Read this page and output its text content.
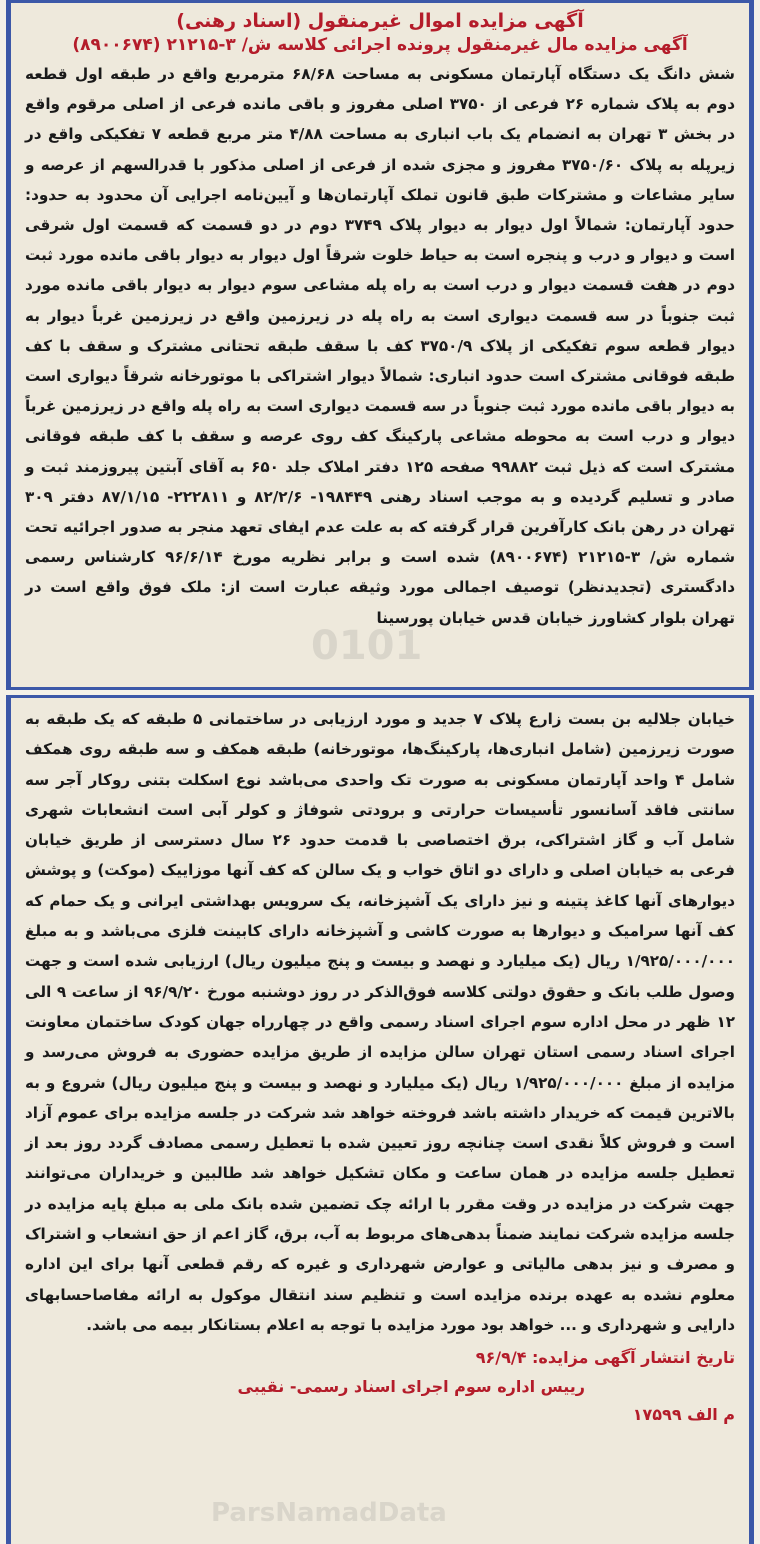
آگهی مزایده اموال غیرمنقول (اسناد رهنی)
آگهی مزایده مال غیرمنقول پرونده اجرائی کلاسه ش/ ۳-۲۱۲۱۵ (۸۹۰۰۶۷۴)

شش دانگ یک دستگاه آپارتمان مسکونی به مساحت ۶۸/۶۸ مترمربع واقع در طبقه اول قطعه دوم به پلاک شماره ۲۶ فرعی از ۳۷۵۰ اصلی مفروز و باقی مانده فرعی از اصلی مرقوم واقع در بخش ۳ تهران به انضمام یک باب انباری به مساحت ۴/۸۸ متر مربع قطعه ۷ تفکیکی واقع در زیرپله به پلاک ۳۷۵۰/۶۰ مفروز و مجزی شده از فرعی از اصلی مذکور با قدرالسهم از عرصه و سایر مشاعات و مشترکات طبق قانون تملک آپارتمان‌ها و آیین‌نامه اجرایی آن محدود به حدود: حدود آپارتمان: شمالاً اول دیوار به دیوار پلاک ۳۷۴۹ دوم در دو قسمت که قسمت اول شرقی است و دیوار و درب و پنجره است به حیاط خلوت شرقاً اول دیوار به دیوار باقی مانده مورد ثبت دوم در هفت قسمت دیوار و درب است به راه پله مشاعی سوم دیوار به دیوار باقی مانده مورد ثبت جنوباً در سه قسمت دیواری است به راه پله در زیرزمین واقع در زیرزمین غرباً دیوار به دیوار قطعه سوم تفکیکی از پلاک ۳۷۵۰/۹ کف با سقف طبقه تحتانی مشترک و سقف با کف طبقه فوقانی مشترک است حدود انباری: شمالاً دیوار اشتراکی با موتورخانه شرقاً دیواری است به دیوار باقی مانده مورد ثبت جنوباً در سه قسمت دیواری است به راه پله واقع در زیرزمین غرباً دیوار و درب است به محوطه مشاعی پارکینگ کف روی عرصه و سقف با کف طبقه فوقانی مشترک است که ذیل ثبت ۹۹۸۸۲ صفحه ۱۲۵ دفتر املاک جلد ۶۵۰ به آقای آبتین پیروزمند ثبت و صادر و تسلیم گردیده و به موجب اسناد رهنی ۱۹۸۴۴۹- ۸۲/۲/۶ و ۲۲۲۸۱۱- ۸۷/۱/۱۵ دفتر ۳۰۹ تهران در رهن بانک کارآفرین قرار گرفته که به علت عدم ایفای تعهد منجر به صدور اجرائیه تحت شماره ش/ ۳-۲۱۲۱۵ (۸۹۰۰۶۷۴) شده است و برابر نظریه مورخ ۹۶/۶/۱۴ کارشناس رسمی دادگستری (تجدیدنظر) توصیف اجمالی مورد وثیقه عبارت است از: ملک فوق واقع است در تهران بلوار کشاورز خیابان قدس خیابان پورسینا

0101

خیابان جلالیه بن بست زارع پلاک ۷ جدید و مورد ارزیابی در ساختمانی ۵ طبقه که یک طبقه به صورت زیرزمین (شامل انباری‌ها، پارکینگ‌ها، موتورخانه) طبقه همکف و سه طبقه روی همکف شامل ۴ واحد آپارتمان مسکونی به صورت تک واحدی می‌باشد نوع اسکلت بتنی روکار آجر سه سانتی فاقد آسانسور تأسیسات حرارتی و برودتی شوفاژ و کولر آبی است انشعابات شهری شامل آب و گاز اشتراکی، برق اختصاصی با قدمت حدود ۲۶ سال دسترسی از طریق خیابان فرعی به خیابان اصلی و دارای دو اتاق خواب و یک سالن که کف آنها موزاییک (موکت) و پوشش دیوارهای آنها کاغذ پتینه و نیز دارای یک آشپزخانه، یک سرویس بهداشتی ایرانی و یک حمام که کف آنها سرامیک و دیوارها به صورت کاشی و آشپزخانه دارای کابینت فلزی می‌باشد و به مبلغ ۱/۹۲۵/۰۰۰/۰۰۰ ریال (یک میلیارد و نهصد و بیست و پنج میلیون ریال) ارزیابی شده است و جهت وصول طلب بانک و حقوق دولتی کلاسه فوق‌الذکر در روز دوشنبه مورخ ۹۶/۹/۲۰ از ساعت ۹ الی ۱۲ ظهر در محل اداره سوم اجرای اسناد رسمی واقع در چهارراه جهان کودک ساختمان معاونت اجرای اسناد رسمی استان تهران سالن مزایده از طریق مزایده حضوری به فروش می‌رسد و مزایده از مبلغ ۱/۹۲۵/۰۰۰/۰۰۰ ریال (یک میلیارد و نهصد و بیست و پنج میلیون ریال) شروع و به بالاترین قیمت که خریدار داشته باشد فروخته خواهد شد شرکت در جلسه مزایده برای عموم آزاد است و فروش کلاً نقدی است چنانچه روز تعیین شده با تعطیل رسمی مصادف گردد روز بعد از تعطیل جلسه مزایده در همان ساعت و مکان تشکیل خواهد شد طالبین و خریداران می‌توانند جهت شرکت در مزایده در وقت مقرر با ارائه چک تضمین شده بانک ملی به مبلغ پایه مزایده در جلسه مزایده شرکت نمایند ضمناً بدهی‌های مربوط به آب، برق، گاز اعم از حق انشعاب و اشتراک و مصرف و نیز بدهی مالیاتی و عوارض شهرداری و غیره که رقم قطعی آنها برای این اداره معلوم نشده به عهده برنده مزایده است و تنظیم سند انتقال موکول به ارائه مفاصاحسابهای دارایی و شهرداری و ... خواهد بود مورد مزایده با توجه به اعلام بستانکار بیمه می باشد.

تاریخ انتشار آگهی مزایده: ۹۶/۹/۴
رییس اداره سوم اجرای اسناد رسمی- نقیبی
م الف ۱۷۵۹۹
ParsNamadData
